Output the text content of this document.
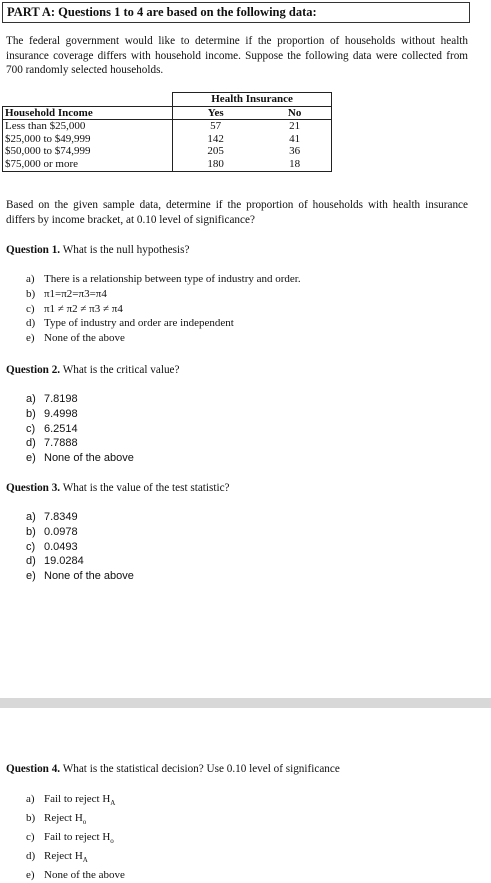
PART A: Questions 1 to 4 are based on the following data:
The federal government would like to determine if the proportion of households without health insurance coverage differs with household income. Suppose the following data were collected from 700 randomly selected households.
	Health Insurance	
Household Income	Yes	No
Less than $25,000	57	21
$25,000 to $49,999	142	41
$50,000 to $74,999	205	36
$75,000 or more	180	18
Based on the given sample data, determine if the proportion of households with health insurance differs by income bracket, at 0.10 level of significance?
Question 1. What is the null hypothesis?
a) There is a relationship between type of industry and order.
b) π1=π2=π3=π4
c) π1 ≠ π2 ≠ π3 ≠ π4
d) Type of industry and order are independent
e) None of the above
Question 2. What is the critical value?
a) 7.8198
b) 9.4998
c) 6.2514
d) 7.7888
e) None of the above
Question 3. What is the value of the test statistic?
a) 7.8349
b) 0.0978
c) 0.0493
d) 19.0284
e) None of the above
Question 4. What is the statistical decision? Use 0.10 level of significance
a) Fail to reject $H_A$
b) Reject $H_o$
c) Fail to reject $H_o$
d) Reject $H_A$
e) None of the above
